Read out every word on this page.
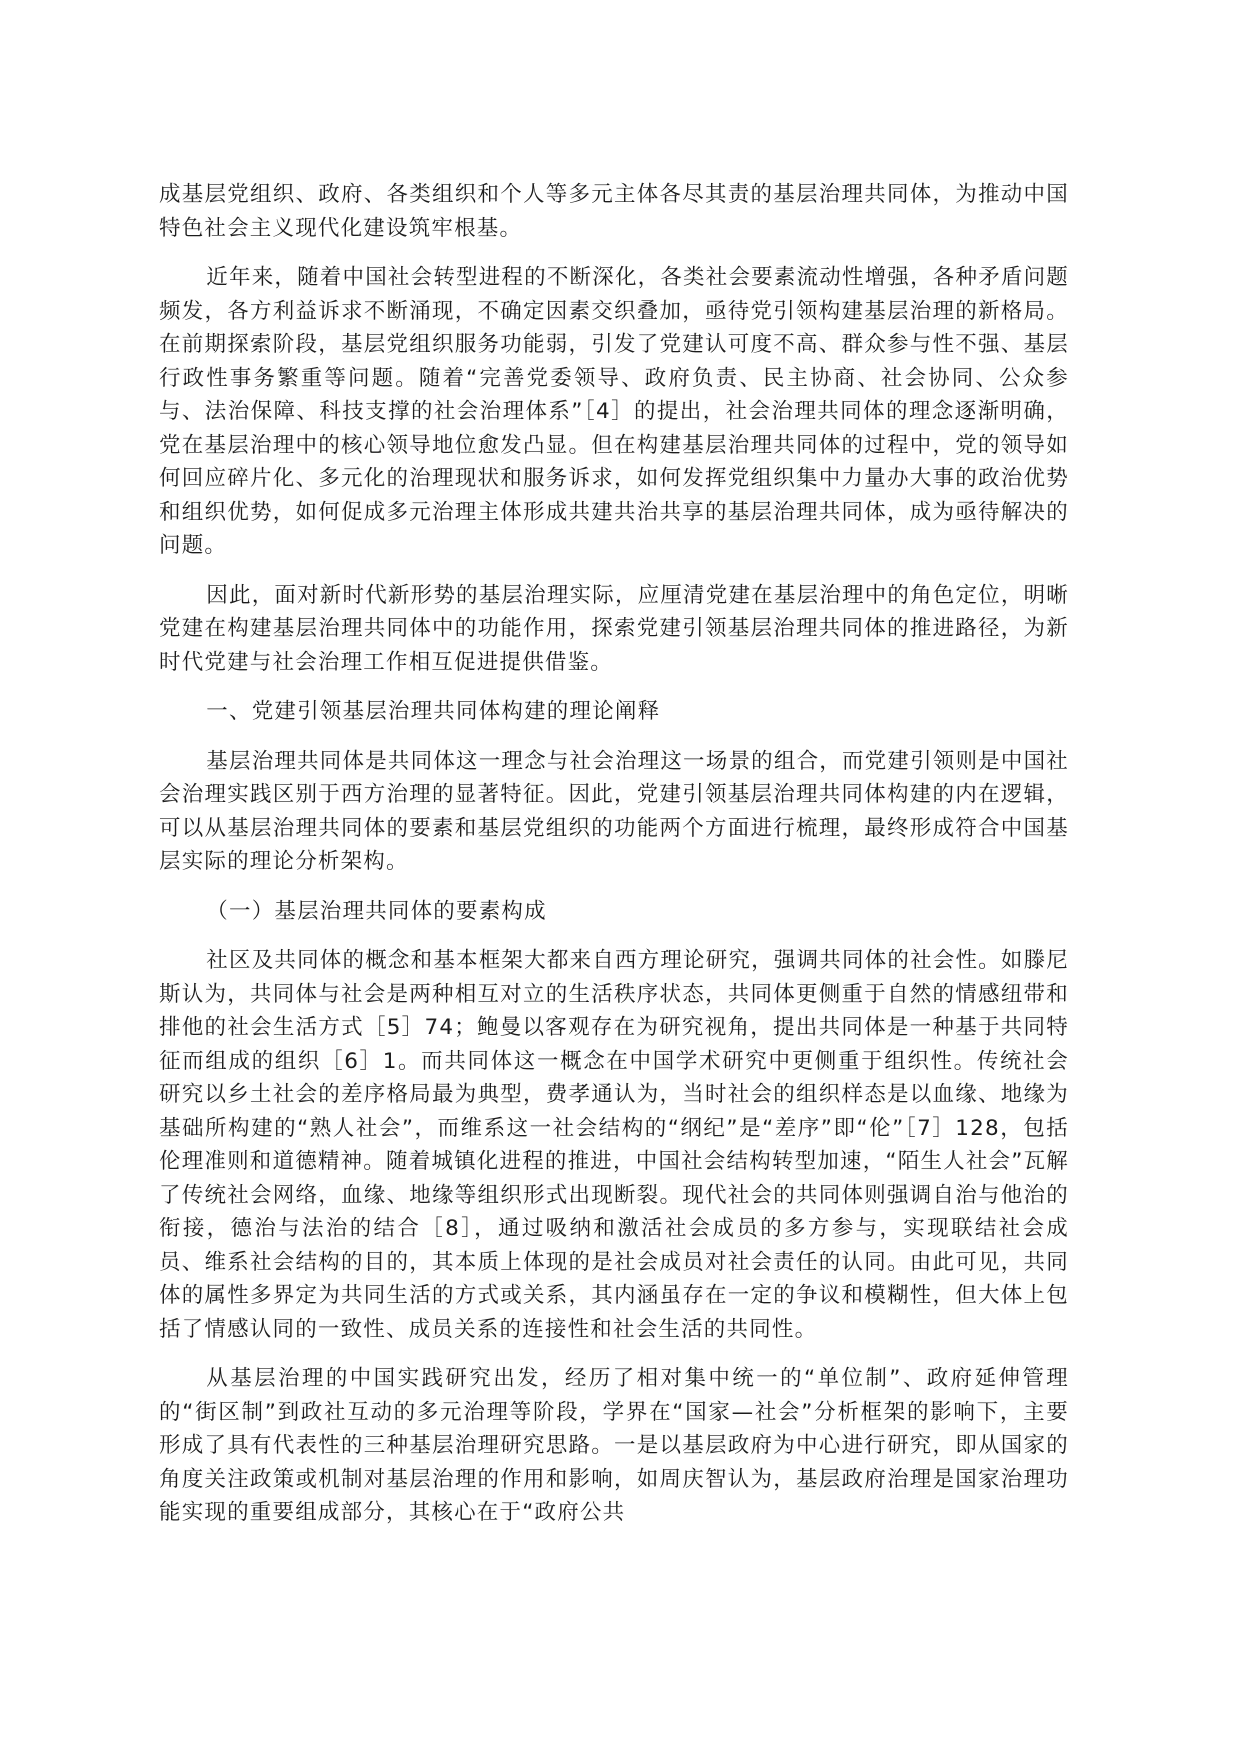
成基层党组织、政府、各类组织和个人等多元主体各尽其责的基层治理共同体，为推动中国特色社会主义现代化建设筑牢根基。

近年来，随着中国社会转型进程的不断深化，各类社会要素流动性增强，各种矛盾问题频发，各方利益诉求不断涌现，不确定因素交织叠加，亟待党引领构建基层治理的新格局。在前期探索阶段，基层党组织服务功能弱，引发了党建认可度不高、群众参与性不强、基层行政性事务繁重等问题。随着“完善党委领导、政府负责、民主协商、社会协同、公众参与、法治保障、科技支撑的社会治理体系”［4］的提出，社会治理共同体的理念逐渐明确，党在基层治理中的核心领导地位愈发凸显。但在构建基层治理共同体的过程中，党的领导如何回应碎片化、多元化的治理现状和服务诉求，如何发挥党组织集中力量办大事的政治优势和组织优势，如何促成多元治理主体形成共建共治共享的基层治理共同体，成为亟待解决的问题。

因此，面对新时代新形势的基层治理实际，应厘清党建在基层治理中的角色定位，明晰党建在构建基层治理共同体中的功能作用，探索党建引领基层治理共同体的推进路径，为新时代党建与社会治理工作相互促进提供借鉴。

一、党建引领基层治理共同体构建的理论阐释

基层治理共同体是共同体这一理念与社会治理这一场景的组合，而党建引领则是中国社会治理实践区别于西方治理的显著特征。因此，党建引领基层治理共同体构建的内在逻辑，可以从基层治理共同体的要素和基层党组织的功能两个方面进行梳理，最终形成符合中国基层实际的理论分析架构。

（一）基层治理共同体的要素构成

社区及共同体的概念和基本框架大都来自西方理论研究，强调共同体的社会性。如滕尼斯认为，共同体与社会是两种相互对立的生活秩序状态，共同体更侧重于自然的情感纽带和排他的社会生活方式［5］74；鲍曼以客观存在为研究视角，提出共同体是一种基于共同特征而组成的组织［6］1。而共同体这一概念在中国学术研究中更侧重于组织性。传统社会研究以乡土社会的差序格局最为典型，费孝通认为，当时社会的组织样态是以血缘、地缘为基础所构建的“熟人社会”，而维系这一社会结构的“纲纪”是“差序”即“伦”［7］128，包括伦理准则和道德精神。随着城镇化进程的推进，中国社会结构转型加速，“陌生人社会”瓦解了传统社会网络，血缘、地缘等组织形式出现断裂。现代社会的共同体则强调自治与他治的衔接，德治与法治的结合［8］，通过吸纳和激活社会成员的多方参与，实现联结社会成员、维系社会结构的目的，其本质上体现的是社会成员对社会责任的认同。由此可见，共同体的属性多界定为共同生活的方式或关系，其内涵虽存在一定的争议和模糊性，但大体上包括了情感认同的一致性、成员关系的连接性和社会生活的共同性。

从基层治理的中国实践研究出发，经历了相对集中统一的“单位制”、政府延伸管理的“街区制”到政社互动的多元治理等阶段，学界在“国家—社会”分析框架的影响下，主要形成了具有代表性的三种基层治理研究思路。一是以基层政府为中心进行研究，即从国家的角度关注政策或机制对基层治理的作用和影响，如周庆智认为，基层政府治理是国家治理功能实现的重要组成部分，其核心在于“政府公共
